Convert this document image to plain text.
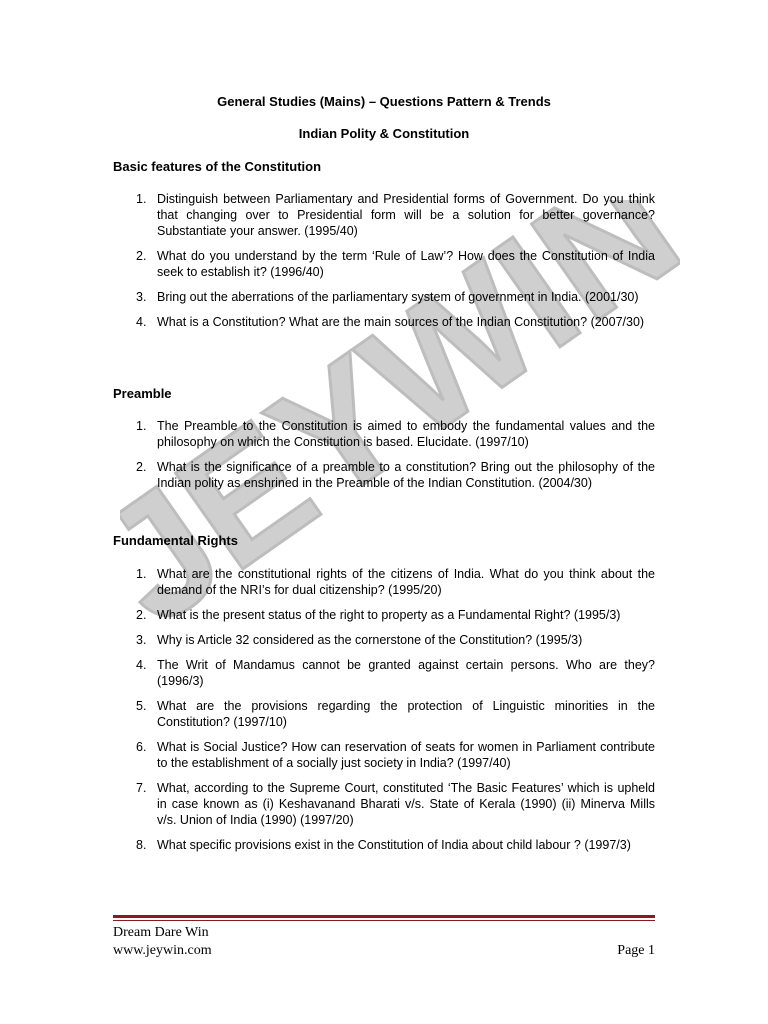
JEYWIN
General Studies (Mains) – Questions Pattern & Trends
Indian Polity & Constitution
Basic features of the Constitution
1. Distinguish between Parliamentary and Presidential forms of Government. Do you think that changing over to Presidential form will be a solution for better governance? Substantiate your answer. (1995/40)
2. What do you understand by the term ‘Rule of Law’? How does the Constitution of India seek to establish it? (1996/40)
3. Bring out the aberrations of the parliamentary system of government in India. (2001/30)
4. What is a Constitution? What are the main sources of the Indian Constitution? (2007/30)
Preamble
1. The Preamble to the Constitution is aimed to embody the fundamental values and the philosophy on which the Constitution is based. Elucidate. (1997/10)
2. What is the significance of a preamble to a constitution? Bring out the philosophy of the Indian polity as enshrined in the Preamble of the Indian Constitution. (2004/30)
Fundamental Rights
1. What are the constitutional rights of the citizens of India. What do you think about the demand of the NRI’s for dual citizenship? (1995/20)
2. What is the present status of the right to property as a Fundamental Right? (1995/3)
3. Why is Article 32 considered as the cornerstone of the Constitution? (1995/3)
4. The Writ of Mandamus cannot be granted against certain persons. Who are they? (1996/3)
5. What are the provisions regarding the protection of Linguistic minorities in the Constitution? (1997/10)
6. What is Social Justice? How can reservation of seats for women in Parliament contribute to the establishment of a socially just society in India? (1997/40)
7. What, according to the Supreme Court, constituted ‘The Basic Features’ which is upheld in case known as (i) Keshavanand Bharati v/s. State of Kerala (1990) (ii) Minerva Mills v/s. Union of India (1990) (1997/20)
8. What specific provisions exist in the Constitution of India about child labour ? (1997/3)
Dream Dare Win
www.jeywin.com	Page 1
